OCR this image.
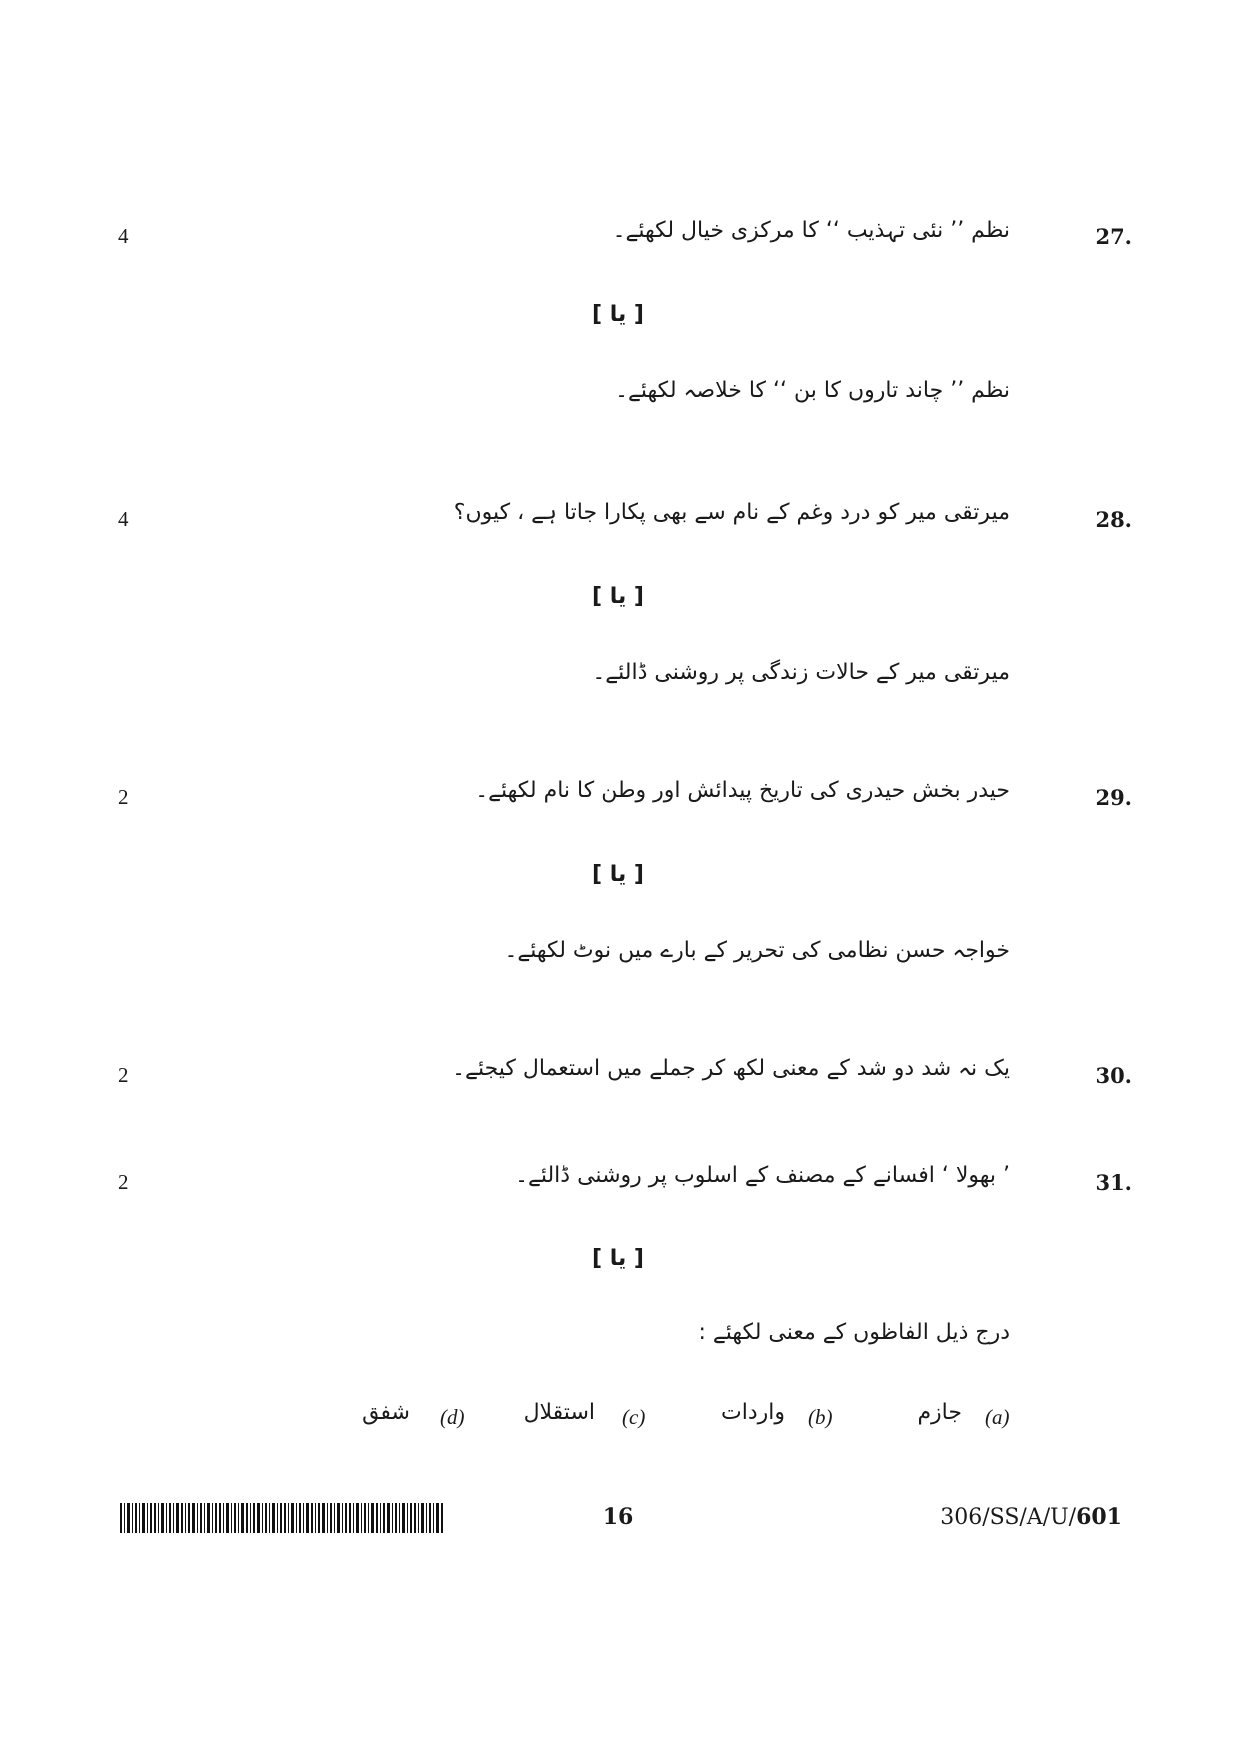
4	27.
نظم ’’ نئی تہذیب ‘‘ کا مرکزی خیال لکھئے۔
[ یا ]
نظم ’’ چاند تاروں کا بن ‘‘ کا خلاصہ لکھئے۔
4	28.
میرتقی میر کو درد وغم کے نام سے بھی پکارا جاتا ہے ، کیوں؟
[ یا ]
میرتقی میر کے حالات زندگی پر روشنی ڈالئے۔
2	29.
حیدر بخش حیدری کی تاریخ پیدائش اور وطن کا نام لکھئے۔
[ یا ]
خواجہ حسن نظامی کی تحریر کے بارے میں نوٹ لکھئے۔
2	30.
یک نہ شد دو شد کے معنی لکھ کر جملے میں استعمال کیجئے۔
2	31.
’ بھولا ‘ افسانے کے مصنف کے اسلوب پر روشنی ڈالئے۔
[ یا ]
درج ذیل الفاظوں کے معنی لکھئے :
(a)
جازم
(b)
واردات
(c)
استقلال
(d)
شفق
16	306/SS/A/U/601
